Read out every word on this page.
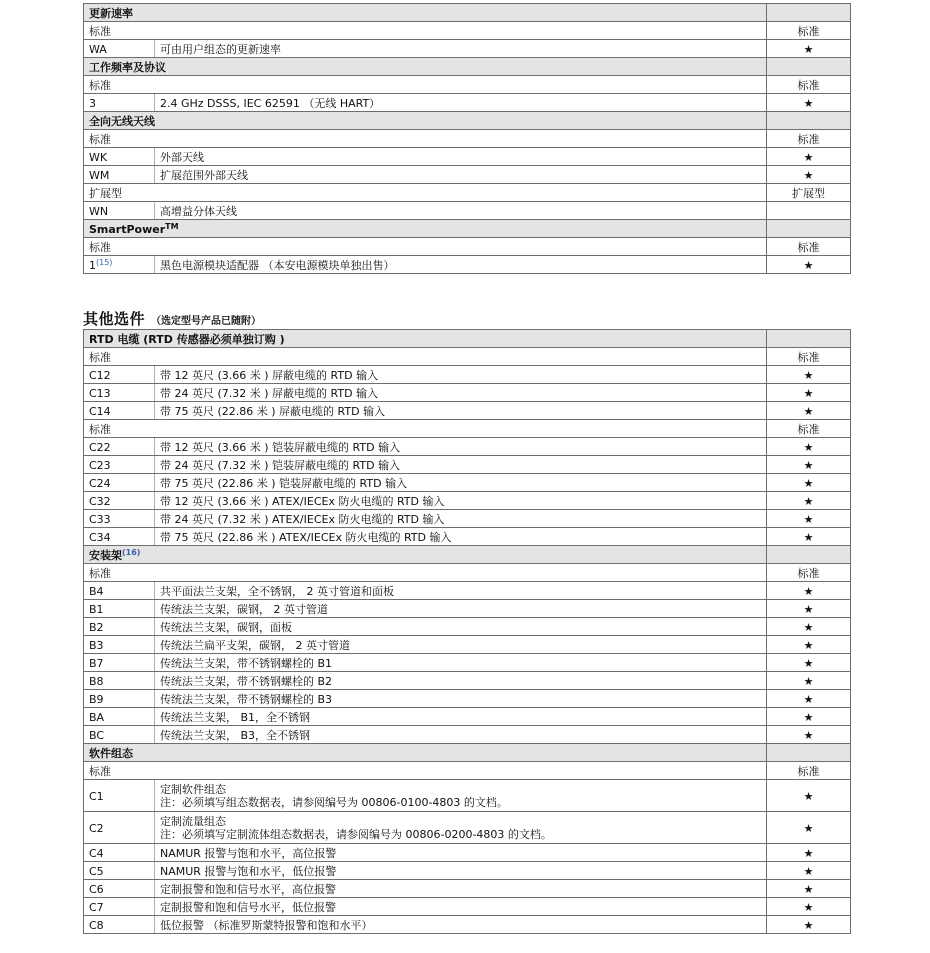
更新速率		
标准		标准
WA	可由用户组态的更新速率	★
工作频率及协议		
标准		标准
3	2.4 GHz DSSS, IEC 62591 （无线 HART）	★
全向无线天线		
标准		标准
WK	外部天线	★
WM	扩展范围外部天线	★
扩展型		扩展型
WN	高增益分体天线	
SmartPower™	
标准		标准
1$^{(15)}$	黑色电源模块适配器 （本安电源模块单独出售）	★
其他选件 （选定型号产品已随附）
RTD 电缆 (RTD 传感器必须单独订购 )		
标准		标准
C12	带 12 英尺 (3.66 米 ) 屏蔽电缆的 RTD 输入	★
C13	带 24 英尺 (7.32 米 ) 屏蔽电缆的 RTD 输入	★
C14	带 75 英尺 (22.86 米 ) 屏蔽电缆的 RTD 输入	★
标准		标准
C22	带 12 英尺 (3.66 米 ) 铠装屏蔽电缆的 RTD 输入	★
C23	带 24 英尺 (7.32 米 ) 铠装屏蔽电缆的 RTD 输入	★
C24	带 75 英尺 (22.86 米 ) 铠装屏蔽电缆的 RTD 输入	★
C32	带 12 英尺 (3.66 米 ) ATEX/IECEx 防火电缆的 RTD 输入	★
C33	带 24 英尺 (7.32 米 ) ATEX/IECEx 防火电缆的 RTD 输入	★
C34	带 75 英尺 (22.86 米 ) ATEX/IECEx 防火电缆的 RTD 输入	★
安装架$^{(16)}$	
标准		标准
B4	共平面法兰支架，全不锈钢， 2 英寸管道和面板	★
B1	传统法兰支架，碳钢， 2 英寸管道	★
B2	传统法兰支架，碳钢，面板	★
B3	传统法兰扁平支架，碳钢， 2 英寸管道	★
B7	传统法兰支架，带不锈钢螺栓的 B1	★
B8	传统法兰支架，带不锈钢螺栓的 B2	★
B9	传统法兰支架，带不锈钢螺栓的 B3	★
BA	传统法兰支架， B1，全不锈钢	★
BC	传统法兰支架， B3，全不锈钢	★
软件组态		
标准		标准
C1	定制软件组态
注：必须填写组态数据表，请参阅编号为 00806-0100-4803 的文档。	★
C2	定制流量组态
注：必须填写定制流体组态数据表，请参阅编号为 00806-0200-4803 的文档。	★
C4	NAMUR 报警与饱和水平，高位报警	★
C5	NAMUR 报警与饱和水平，低位报警	★
C6	定制报警和饱和信号水平，高位报警	★
C7	定制报警和饱和信号水平，低位报警	★
C8	低位报警 （标准罗斯蒙特报警和饱和水平）	★
